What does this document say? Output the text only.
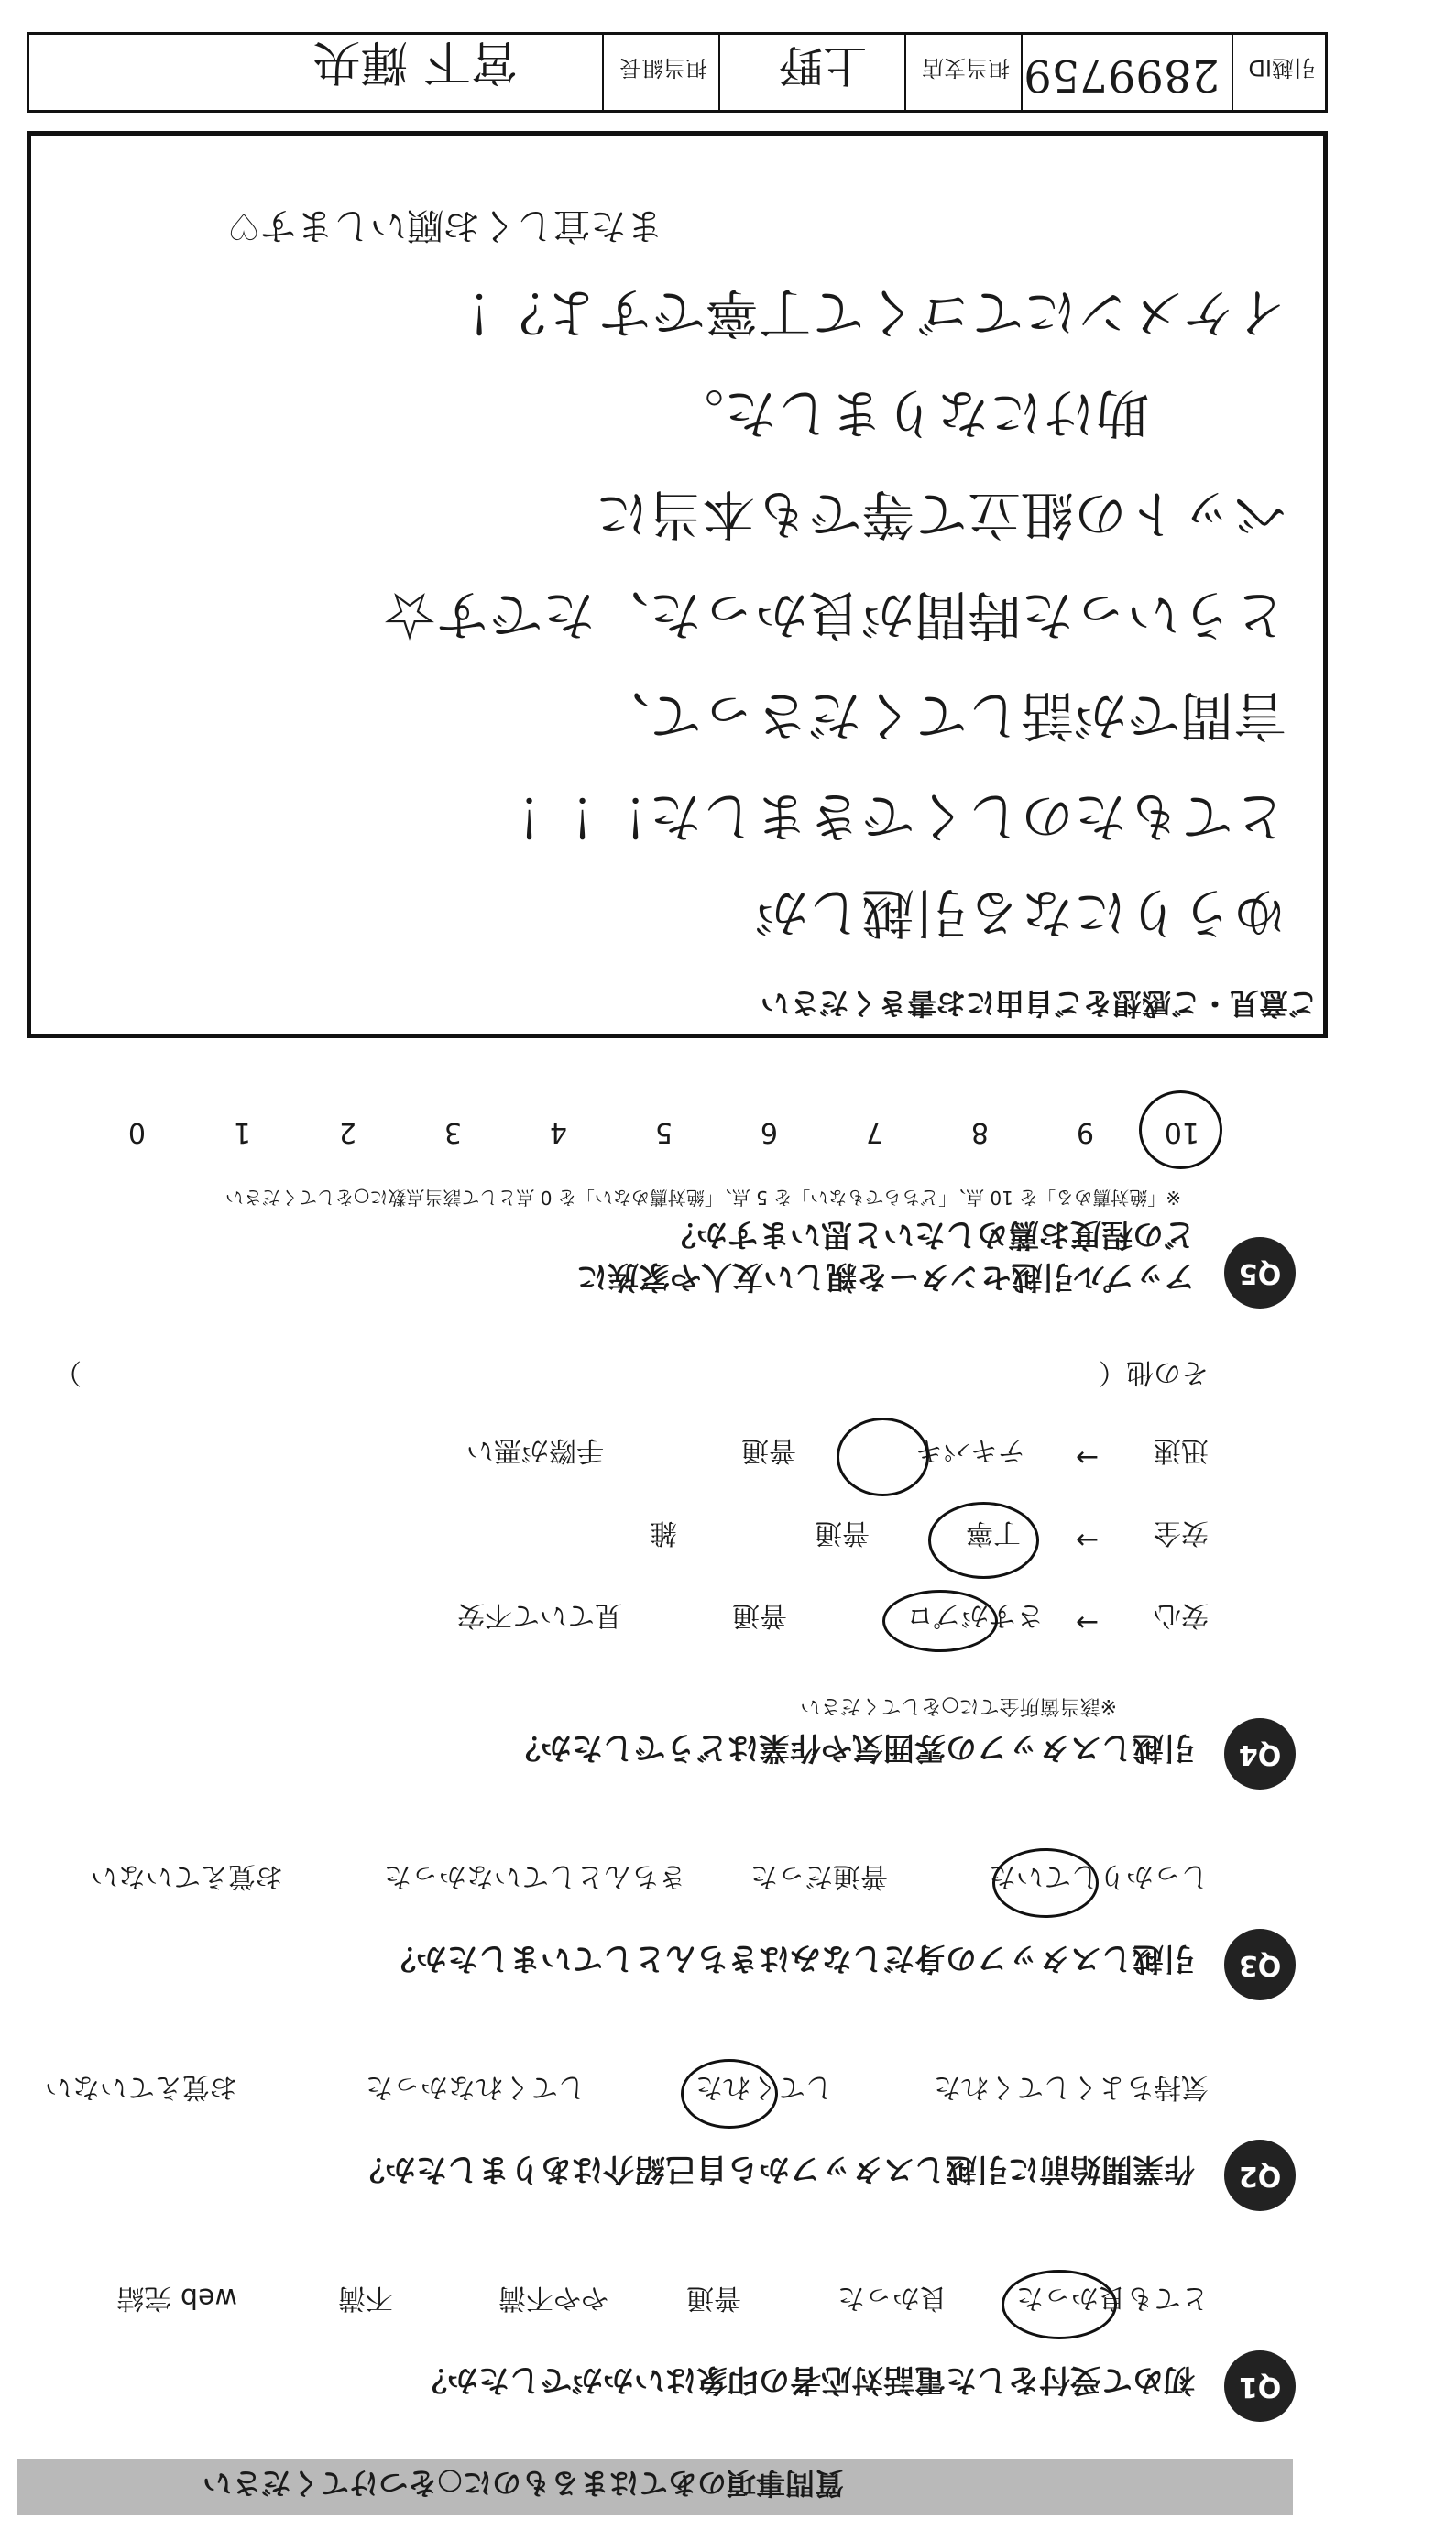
質問事項のあてはまるものに○をつけてください
Q1
初めて受付をした電話対応者の印象はいかがでしたか？
とても良かった
良かった
普通
やや不満
不満
web 完結
Q2
作業開始前に引越しスタッフから自己紹介はありましたか？
気持ちよくしてくれた
してくれた
してくれなかった
お覚えていない
Q3
引越しスタッフの身だしなみはきちんとしていましたか？
しっかりしていた
普通だった
きちんとしていなかった
お覚えていない
Q4
引越しスタッフの雰囲気や作業はどうでしたか？
※該当箇所全てに○をしてください
安心
→
さすがプロ
普通
見ていて不安
安全
→
丁寧
普通
雑
迅速
→
テキパキ
普通
手際が悪い
その他（
）
Q5
アップル引越センターを親しい友人や家族に
どの程度お薦めしたいと思いますか？
※「絶対薦める」を 10 点、「どちらでもない」を 5 点、「絶対薦めない」を 0 点として該当点数に○をしてください
10
9
8
7
6
5
4
3
2
1
0
ご意見・ご感想をご自由にお書きください
ゆうりになる引越しが
とてもたのしくできました！！！
言間でが話してくださって、
とういった時間が良かった、たです☆
ベットの組立て等でも本当に
助けになりました。
イケメンにてゴくて丁寧ですよ？！
また宜しくお願いします♡
引越ID
2899759
担当支店
上野
担当組長
宮下 輝央
